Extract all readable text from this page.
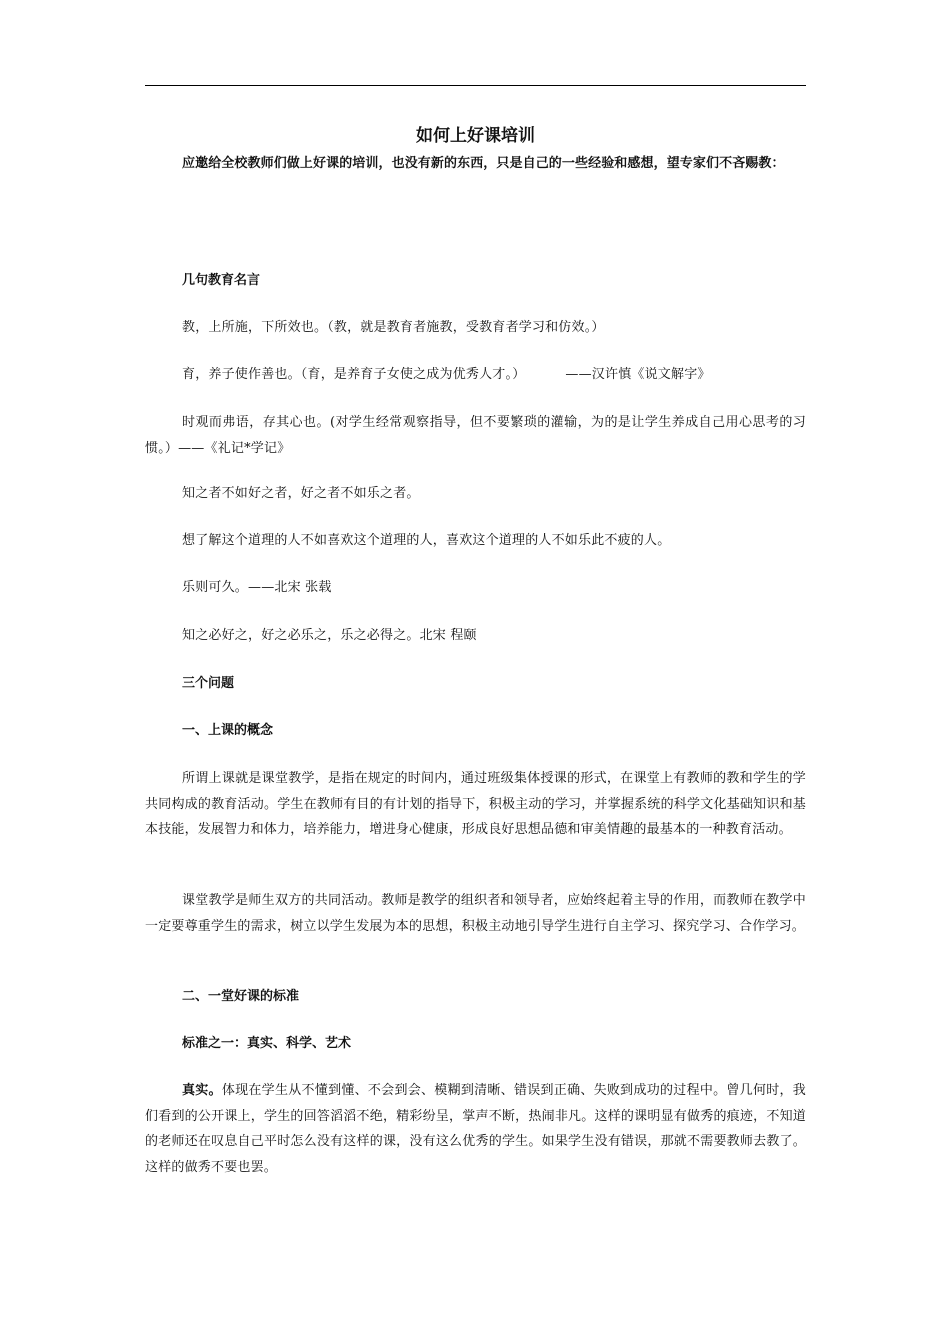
如何上好课培训

应邀给全校教师们做上好课的培训，也没有新的东西，只是自己的一些经验和感想，望专家们不吝赐教：

几句教育名言

教，上所施，下所效也。（教，就是教育者施教，受教育者学习和仿效。）

育，养子使作善也。（育，是养育子女使之成为优秀人才。）	——汉许慎《说文解字》

时观而弗语，存其心也。(对学生经常观察指导，但不要繁琐的灌输，为的是让学生养成自己用心思考的习惯。）——《礼记*学记》

知之者不如好之者，好之者不如乐之者。

想了解这个道理的人不如喜欢这个道理的人，喜欢这个道理的人不如乐此不疲的人。

乐则可久。——北宋 张载

知之必好之，好之必乐之，乐之必得之。北宋 程颐

三个问题

一、上课的概念

所谓上课就是课堂教学，是指在规定的时间内，通过班级集体授课的形式，在课堂上有教师的教和学生的学共同构成的教育活动。学生在教师有目的有计划的指导下，积极主动的学习，并掌握系统的科学文化基础知识和基本技能，发展智力和体力，培养能力，增进身心健康，形成良好思想品德和审美情趣的最基本的一种教育活动。

课堂教学是师生双方的共同活动。教师是教学的组织者和领导者，应始终起着主导的作用，而教师在教学中一定要尊重学生的需求，树立以学生发展为本的思想，积极主动地引导学生进行自主学习、探究学习、合作学习。

二、一堂好课的标准

标准之一：真实、科学、艺术

真实。体现在学生从不懂到懂、不会到会、模糊到清晰、错误到正确、失败到成功的过程中。曾几何时，我们看到的公开课上，学生的回答滔滔不绝，精彩纷呈，掌声不断，热闹非凡。这样的课明显有做秀的痕迹，不知道的老师还在叹息自己平时怎么没有这样的课，没有这么优秀的学生。如果学生没有错误，那就不需要教师去教了。这样的做秀不要也罢。
